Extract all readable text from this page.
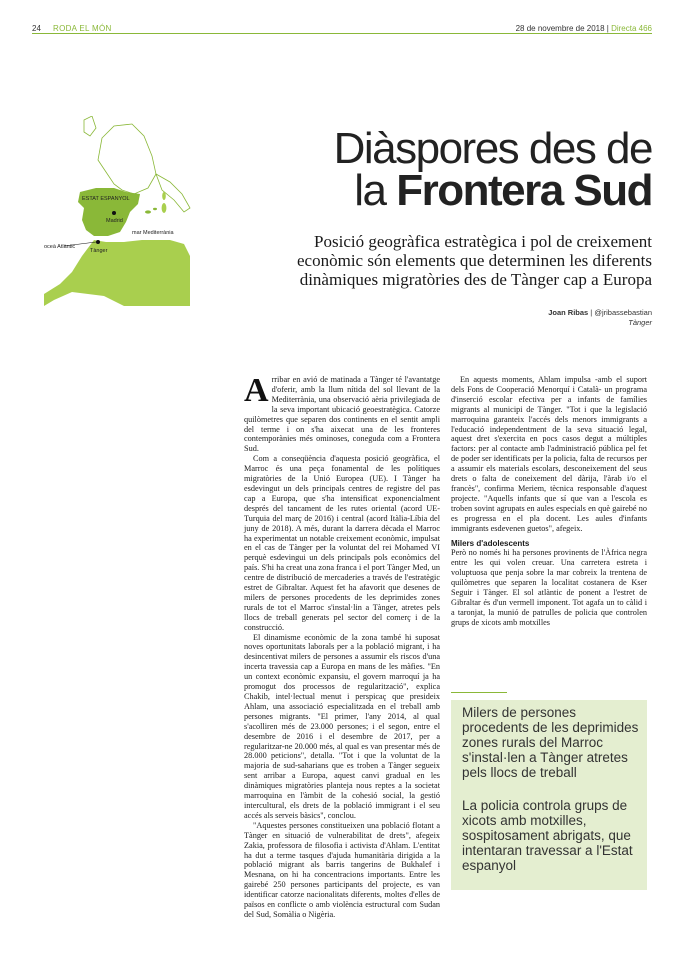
24 RODA EL MÓN	28 de novembre de 2018 | Directa 466
ESTAT ESPANYOL
Madrid
mar Mediterrània
oceà Atlàntic
Tànger
Diàspores des de
la Frontera Sud
Posició geogràfica estratègica i pol de creixement econòmic són elements que determinen les diferents dinàmiques migratòries des de Tànger cap a Europa
Joan Ribas | @jribassebastian
Tànger

Arribar en avió de matinada a Tànger té l'avantatge d'oferir, amb la llum nítida del sol llevant de la Mediterrània, una observació aèria privilegiada de la seva important ubicació geoestratègica. Catorze quilòmetres que separen dos continents en el sentit ampli del terme i on s'ha aixecat una de les fronteres contemporànies més ominoses, coneguda com a Frontera Sud.

Com a conseqüència d'aquesta posició geogràfica, el Marroc és una peça fonamental de les polítiques migratòries de la Unió Europea (UE). I Tànger ha esdevingut un dels principals centres de registre del pas cap a Europa, que s'ha intensificat exponencialment després del tancament de les rutes oriental (acord UE-Turquia del març de 2016) i central (acord Itàlia-Líbia del juny de 2018). A més, durant la darrera dècada el Marroc ha experimentat un notable creixement econòmic, impulsat en el cas de Tànger per la voluntat del rei Mohamed VI perquè esdevingui un dels principals pols econòmics del país. S'hi ha creat una zona franca i el port Tànger Med, un centre de distribució de mercaderies a través de l'estratègic estret de Gibraltar. Aquest fet ha afavorit que desenes de milers de persones procedents de les deprimides zones rurals de tot el Marroc s'instal·lin a Tànger, atretes pels llocs de treball generats pel sector del comerç i de la construcció.

El dinamisme econòmic de la zona també hi suposat noves oportunitats laborals per a la població migrant, i ha desincentivat milers de persones a assumir els riscos d'una incerta travessia cap a Europa en mans de les màfies. "En un context econòmic expansiu, el govern marroquí ja ha promogut dos processos de regularització", explica Chakib, intel·lectual menut i perspicaç que presideix Ahlam, una associació especialitzada en el treball amb persones migrants. "El primer, l'any 2014, al qual s'acolliren més de 23.000 persones; i el segon, entre el desembre de 2016 i el desembre de 2017, per a regularitzar-ne 20.000 més, al qual es van presentar més de 28.000 peticions", detalla. "Tot i que la voluntat de la majoria de sud-saharians que es troben a Tànger segueix sent arribar a Europa, aquest canvi gradual en les dinàmiques migratòries planteja nous reptes a la societat marroquina en l'àmbit de la cohesió social, la gestió intercultural, els drets de la població immigrant i el seu accés als serveis bàsics", conclou.

"Aquestes persones constitueixen una població flotant a Tànger en situació de vulnerabilitat de drets", afegeix Zakia, professora de filosofia i activista d'Ahlam. L'entitat ha dut a terme tasques d'ajuda humanitària dirigida a la població migrant als barris tangerins de Bukhalef i Mesnana, on hi ha concentracions importants. Entre les gairebé 250 persones participants del projecte, es van identificar catorze nacionalitats diferents, moltes d'elles de països en conflicte o amb violència estructural com Sudan del Sud, Somàlia o Nigèria.

En aquests moments, Ahlam impulsa -amb el suport dels Fons de Cooperació Menorquí i Català- un programa d'inserció escolar efectiva per a infants de famílies migrants al municipi de Tànger. "Tot i que la legislació marroquina garanteix l'accés dels menors immigrants a l'educació independentment de la seva situació legal, aquest dret s'exercita en pocs casos degut a múltiples factors: per al contacte amb l'administració pública pel fet de poder ser identificats per la policia, falta de recursos per a assumir els materials escolars, desconeixement del seus drets o falta de coneixement del dàrija, l'àrab i/o el francès", confirma Meriem, tècnica responsable d'aquest projecte. "Aquells infants que sí que van a l'escola es troben sovint agrupats en aules especials en què gairebé no es progressa en el pla docent. Les aules d'infants immigrants esdevenen guetos", afegeix.

Milers d'adolescents

Però no només hi ha persones provinents de l'Àfrica negra entre les qui volen creuar. Una carretera estreta i voluptuosa que penja sobre la mar cobreix la trentena de quilòmetres que separen la localitat costanera de Kser Seguir i Tànger. El sol atlàntic de ponent a l'estret de Gibraltar és d'un vermell imponent. Tot agafa un to càlid i a taronjat, la munió de patrulles de policia que controlen grups de xicots amb motxilles

Milers de persones procedents de les deprimides zones rurals del Marroc s'instal·len a Tànger atretes pels llocs de treball
La policia controla grups de xicots amb motxilles, sospitosament abrigats, que intentaran travessar a l'Estat espanyol
